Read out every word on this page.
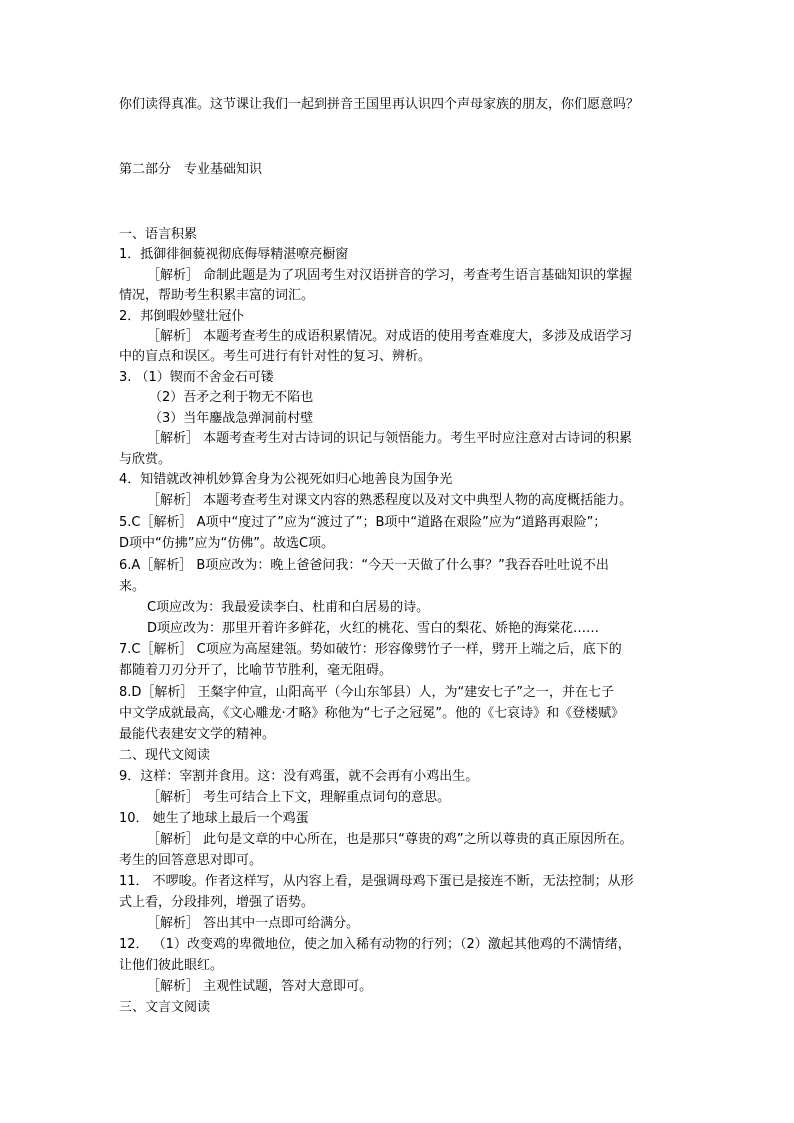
你们读得真准。这节课让我们一起到拼音王国里再认识四个声母家族的朋友，你们愿意吗？
第二部分　专业基础知识
一、语言积累
1．抵御徘徊藐视彻底侮辱精湛嘹亮橱窗
［解析］ 命制此题是为了巩固考生对汉语拼音的学习，考查考生语言基础知识的掌握
情况，帮助考生积累丰富的词汇。
2．邦倒暇妙璧壮冠仆
［解析］ 本题考查考生的成语积累情况。对成语的使用考查难度大，多涉及成语学习
中的盲点和误区。考生可进行有针对性的复习、辨析。
3. （1）锲而不舍金石可镂
（2）吾矛之利于物无不陷也
（3）当年鏖战急弹洞前村壁
［解析］ 本题考查考生对古诗词的识记与领悟能力。考生平时应注意对古诗词的积累
与欣赏。
4．知错就改神机妙算舍身为公视死如归心地善良为国争光
［解析］ 本题考查考生对课文内容的熟悉程度以及对文中典型人物的高度概括能力。
5.C［解析］ A项中“度过了”应为“渡过了”；B项中“道路在艰险”应为“道路再艰险”；
D项中“仿拂”应为“仿佛”。故选C项。
6.A［解析］ B项应改为：晚上爸爸问我：“今天一天做了什么事？”我吞吞吐吐说不出
来。
C项应改为：我最爱读李白、杜甫和白居易的诗。
D项应改为：那里开着许多鲜花，火红的桃花、雪白的梨花、娇艳的海棠花……
7.C［解析］ C项应为高屋建瓴。势如破竹：形容像劈竹子一样，劈开上端之后，底下的
都随着刀刃分开了，比喻节节胜利，毫无阻碍。
8.D［解析］ 王粲字仲宣，山阳高平（今山东邹县）人，为“建安七子”之一，并在七子
中文学成就最高，《文心雕龙·才略》称他为“七子之冠冕”。他的《七哀诗》和《登楼赋》
最能代表建安文学的精神。
二、现代文阅读
9．这样：宰割并食用。这：没有鸡蛋，就不会再有小鸡出生。
［解析］ 考生可结合上下文，理解重点词句的意思。
10． 她生了地球上最后一个鸡蛋
［解析］ 此句是文章的中心所在，也是那只“尊贵的鸡”之所以尊贵的真正原因所在。
考生的回答意思对即可。
11． 不啰唆。作者这样写，从内容上看，是强调母鸡下蛋已是接连不断，无法控制；从形
式上看，分段排列，增强了语势。
［解析］ 答出其中一点即可给满分。
12． （1）改变鸡的卑微地位，使之加入稀有动物的行列；（2）激起其他鸡的不满情绪，
让他们彼此眼红。
［解析］ 主观性试题，答对大意即可。
三、文言文阅读
